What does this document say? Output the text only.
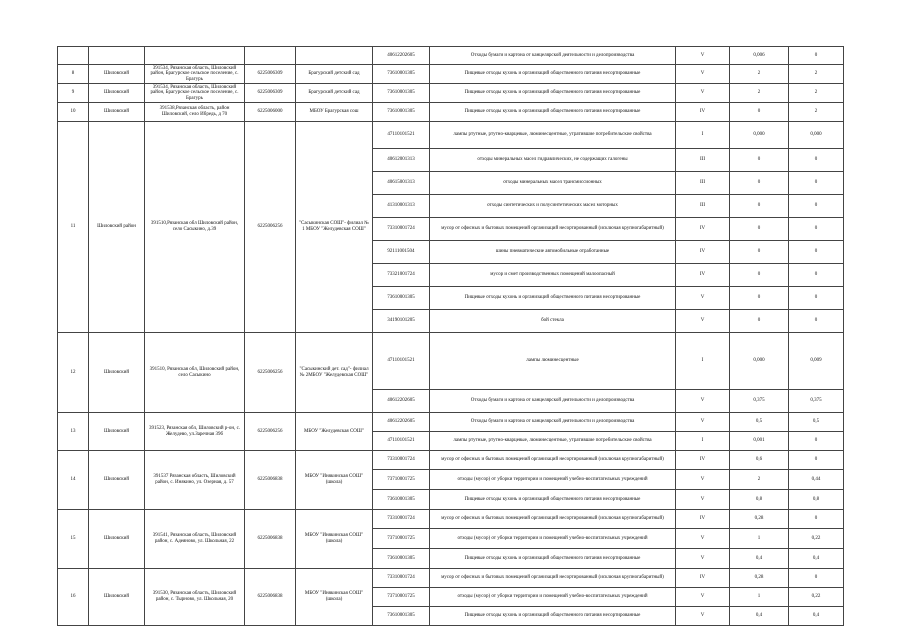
					40612202605	Отходы бумаги и картона от канцелярской деятельности и делопроизводства	V	0,006	0
8	Шиловский	391534, Рязанская область, Шиловский район, Брагурское сельское поселение, с. Брагурь	6225006309	Брагурский детский сад	73610001305	Пищевые отходы кухонь и организаций общественного питания несортированные	V	2	2
9	Шиловский	391534, Рязанская область, Шиловский район, Брагурское сельское поселение, с. Брагурь	6225006309	Брагурский детский сад	73610001305	Пищевые отходы кухонь и организаций общественного питания несортированные	V	2	2
10	Шиловский	391538,Рязанская область, район Шиловский, село Ибредь, д 70	6225006000	МБОУ Брагурская сош	73610001305	Пищевые отходы кухонь и организаций общественного питания несортированные	IV	0	2
11	Шиловский район	391510,Рязанская обл Шиловский район, село Сасыкино, д.39	6225006256	"Сасыкинская СОШ"- филиал № 1 МБОУ "Желудевская СОШ"	47110101521	лампы ртутные, ртутно-кварцевые, люминесцентные, утратившие потребительские свойства	I	0,000	0,000
					40612001313	отходы минеральных масел гидравлических, не содержащих галогены	III	0	0
					40615001313	отходы минеральных масел трансмиссионных	III	0	0
					41310001313	отходы синтетических и полусинтетических масел моторных	III	0	0
					73310001724	мусор от офисных и бытовых помещений организаций несортированный (исключая крупногабаритный)	IV	0	0
					92111001504	шины пневматические автомобильные отработанные	IV	0	0
					73321001724	мусор и смет производственных помещений малоопасный	IV	0	0
					73610001305	Пищевые отходы кухонь и организаций общественного питания несортированные	V	0	0
					34190101205	бой стекла	V	0	0
12	Шиловский	391510, Рязанская обл, Шиловский район, село Сасыкино	6225006256	"Сасыкинский дет. сад"- филиал № 2МБОУ "Желудевская СОШ"	47110101521	лампы люминесцентные	I	0,000	0,009
					40612202605	Отходы бумаги и картона от канцелярской деятельности и делопроизводства	V	0,375	0,375
13	Шиловский	391523, Рязанская обл, Шиловский р-он, с. Желудево, ул.Заречная 39б	6225006256	МБОУ "Желудевская СОШ"	40612202605	Отходы бумаги и картона от канцелярской деятельности и делопроизводства	V	0,5	0,5
					47110101521	лампы ртутные, ртутно-кварцевые, люминесцентные, утратившие потребительские свойства	I	0,001	0
14	Шиловский	391537 Рязанская область, Шиловский район, с. Инякино, ул. Озерная, д. 57	6225006838	МБОУ "Инякинская СОШ" (школа)	73310001724	мусор от офисных и бытовых помещений организаций несортированный (исключая крупногабаритный)	IV	0,6	0
					73710001725	отходы (мусор) от уборки территории и помещений учебно-воспитательных учреждений	V	2	0,44
					73610001305	Пищевые отходы кухонь и организаций общественного питания несортированные	V	0,8	0,8
15	Шиловский	391541, Рязанская область, Шиловский район, с. Адеяново, ул. Школьная, 22	6225006838	МБОУ "Инякинская СОШ" (школа)	73310001724	мусор от офисных и бытовых помещений организаций несортированный (исключая крупногабаритный)	IV	0,28	0
					73710001725	отходы (мусор) от уборки территории и помещений учебно-воспитательных учреждений	V	1	0,22
					73610001305	Пищевые отходы кухонь и организаций общественного питания несортированные	V	0,4	0,4
16	Шиловский	391530, Рязанская область, Шиловский район, с. Тырново, ул. Школьная, 20	6225006838	МБОУ "Инякинская СОШ" (школа)	73310001724	мусор от офисных и бытовых помещений организаций несортированный (исключая крупногабаритный)	IV	0,28	0
					73710001725	отходы (мусор) от уборки территории и помещений учебно-воспитательных учреждений	V	1	0,22
					73610001305	Пищевые отходы кухонь и организаций общественного питания несортированные	V	0,4	0,4
